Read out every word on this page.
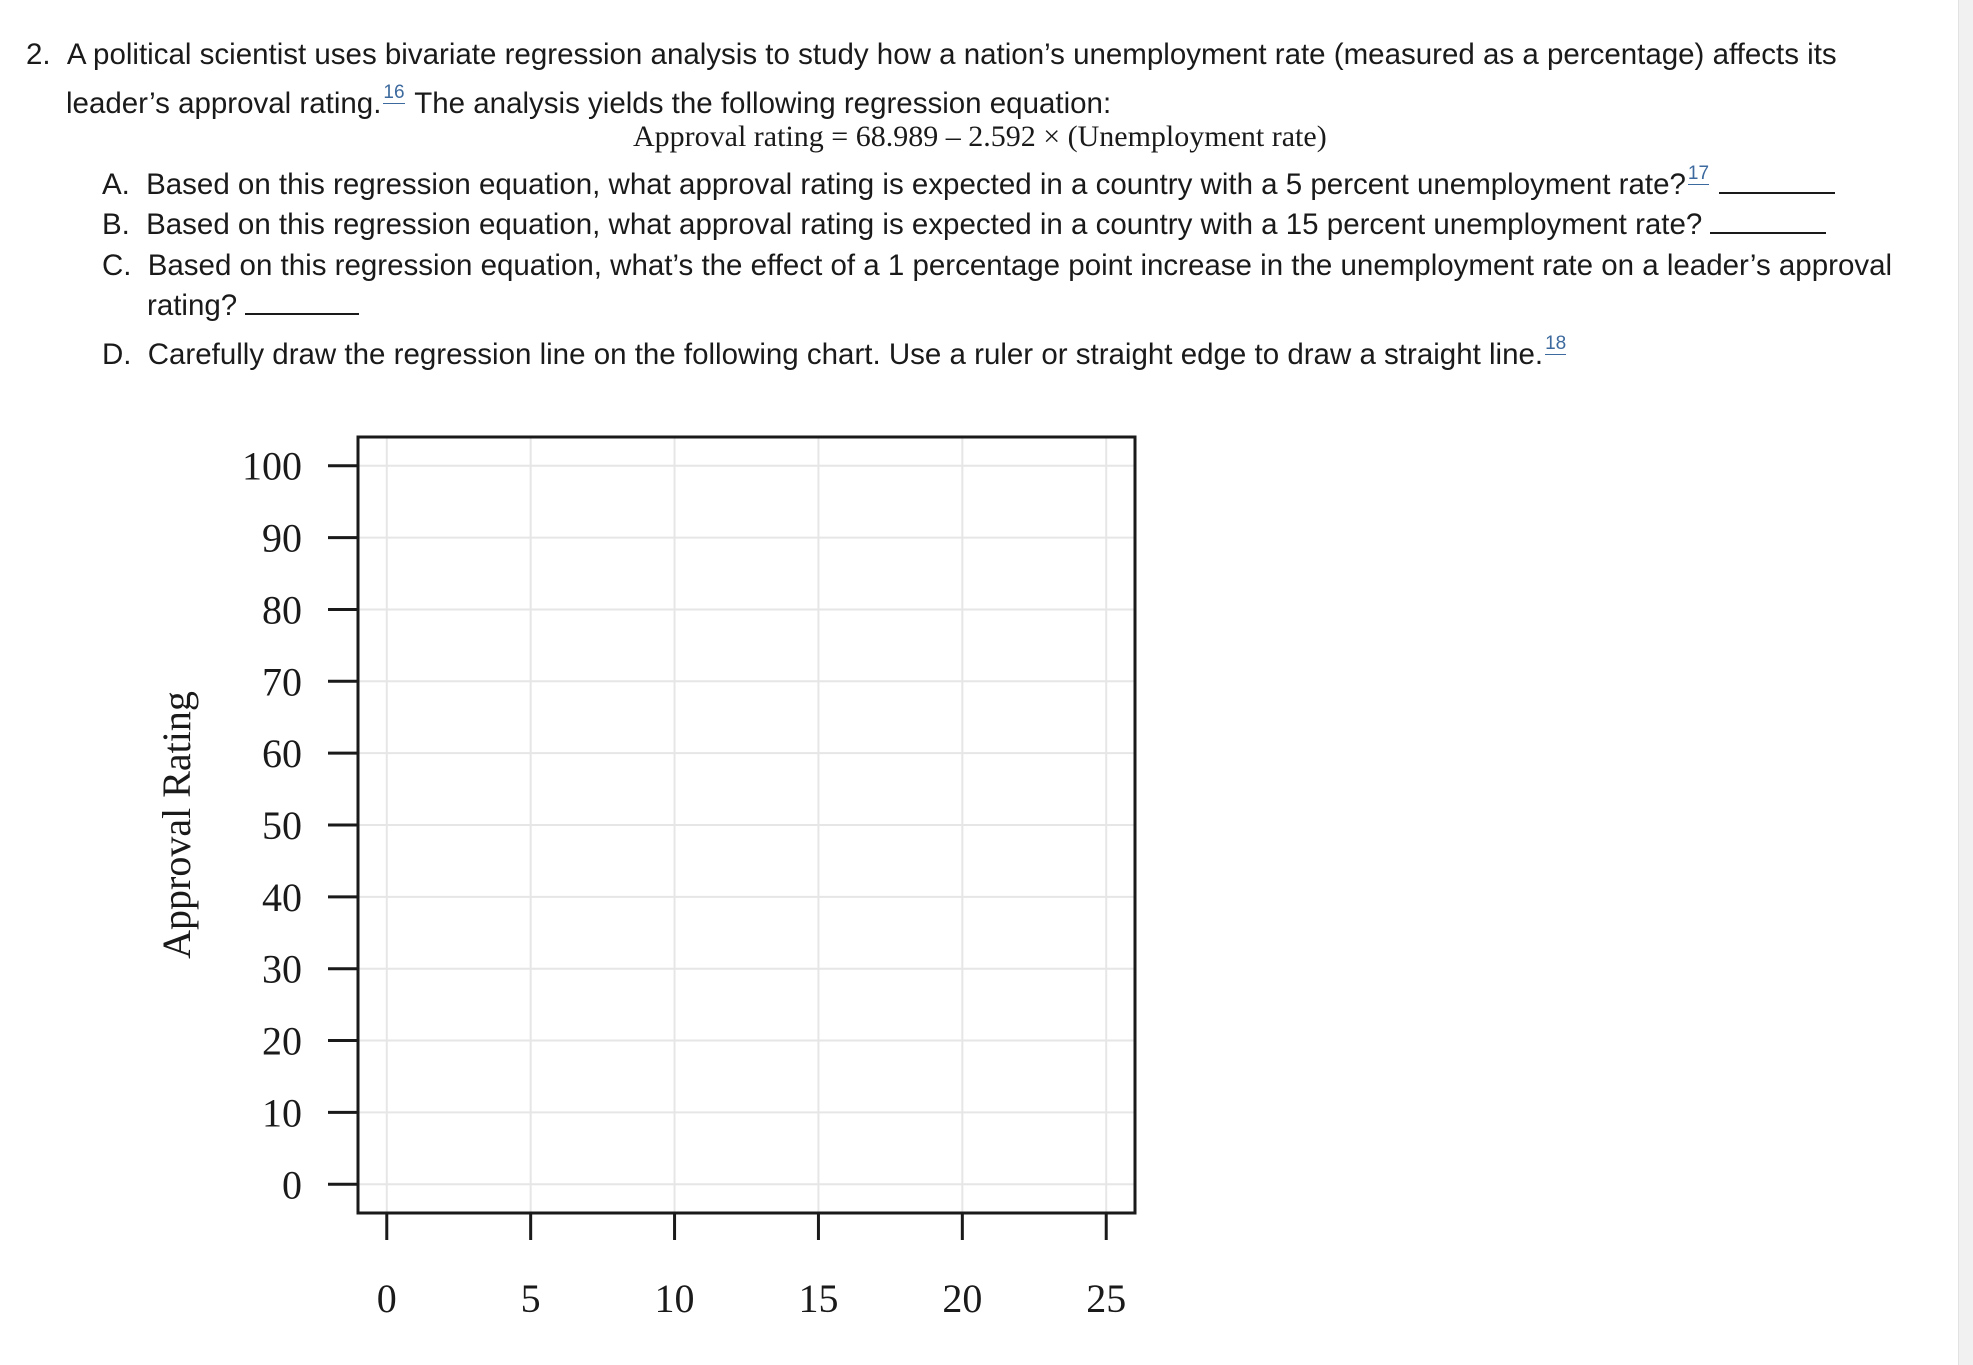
2. A political scientist uses bivariate regression analysis to study how a nation’s unemployment rate (measured as a percentage) affects its
leader’s approval rating. $^{16}$ The analysis yields the following regression equation:
Approval rating = 68.989 – 2.592 × (Unemployment rate)
A. Based on this regression equation, what approval rating is expected in a country with a 5 percent unemployment rate? $^{17}$
B. Based on this regression equation, what approval rating is expected in a country with a 15 percent unemployment rate?
C. Based on this regression equation, what’s the effect of a 1 percentage point increase in the unemployment rate on a leader’s approval
rating?
D. Carefully draw the regression line on the following chart. Use a ruler or straight edge to draw a straight line. $^{18}$
0
10
20
30
40
50
60
70
80
90
100
0	5	10	15	20	25
Approval Rating
